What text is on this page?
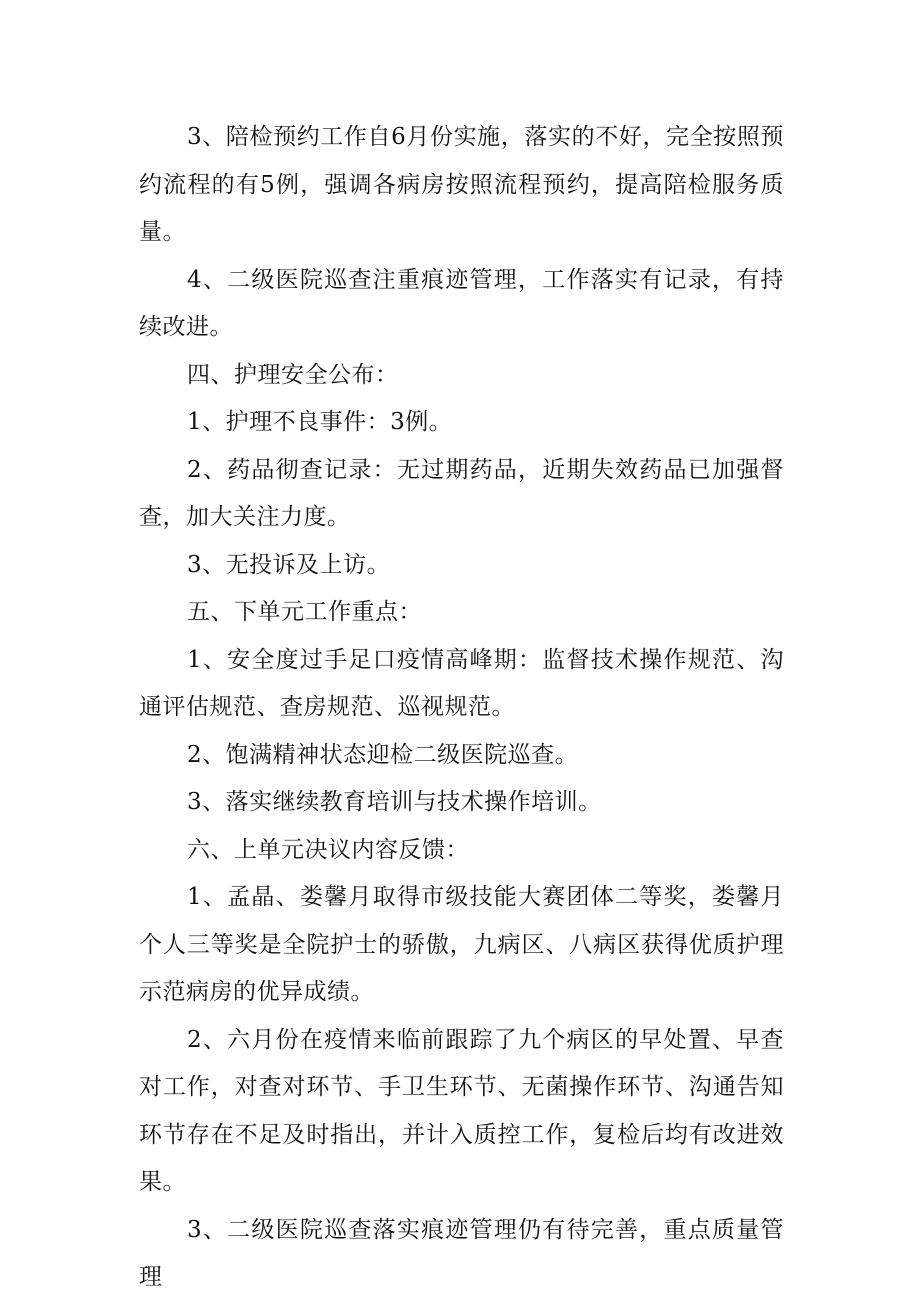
3、陪检预约工作自6月份实施，落实的不好，完全按照预约流程的有5例，强调各病房按照流程预约，提高陪检服务质量。

4、二级医院巡查注重痕迹管理，工作落实有记录，有持续改进。

四、护理安全公布：

1、护理不良事件：3例。

2、药品彻查记录：无过期药品，近期失效药品已加强督查，加大关注力度。

3、无投诉及上访。

五、下单元工作重点：

1、安全度过手足口疫情高峰期：监督技术操作规范、沟通评估规范、查房规范、巡视规范。

2、饱满精神状态迎检二级医院巡查。

3、落实继续教育培训与技术操作培训。

六、上单元决议内容反馈：

1、孟晶、娄馨月取得市级技能大赛团体二等奖，娄馨月个人三等奖是全院护士的骄傲，九病区、八病区获得优质护理示范病房的优异成绩。

2、六月份在疫情来临前跟踪了九个病区的早处置、早查对工作，对查对环节、手卫生环节、无菌操作环节、沟通告知环节存在不足及时指出，并计入质控工作，复检后均有改进效果。

3、二级医院巡查落实痕迹管理仍有待完善，重点质量管理
